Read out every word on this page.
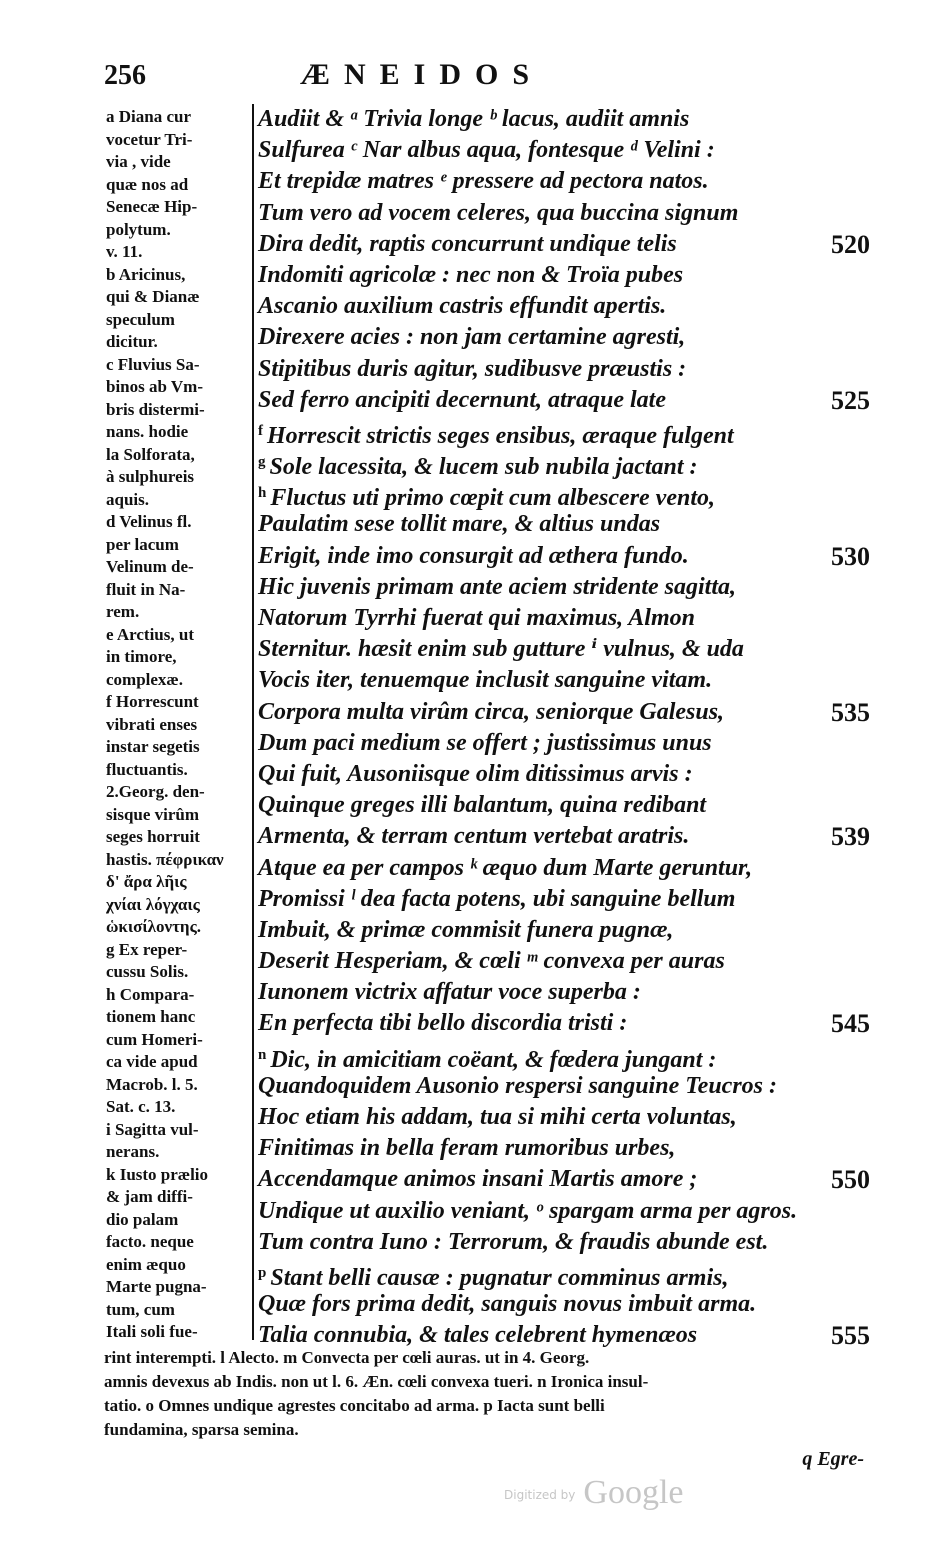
256	ÆNEIDOS
a Diana cur
vocetur Tri-
via , vide
quæ nos ad
Senecæ Hip-
polytum.
v. 11.
b Aricinus,
qui & Dianæ
speculum
dicitur.
c Fluvius Sa-
binos ab Vm-
bris distermi-
nans. hodie
la Solforata,
à sulphureis
aquis.
d Velinus fl.
per lacum
Velinum de-
fluit in Na-
rem.
e Arctius, ut
in timore,
complexæ.
f Horrescunt
vibrati enses
instar segetis
fluctuantis.
2.Georg. den-
sisque virûm
seges horruit
hastis. πέφρικαν
δ' ἄρα λῆις
χνίαι λόγχαις
ὡκισίλοντης.
g Ex reper-
cussu Solis.
h Compara-
tionem hanc
cum Homeri-
ca vide apud
Macrob. l. 5.
Sat. c. 13.
i Sagitta vul-
nerans.
k Iusto prælio
& jam diffi-
dio palam
facto. neque
enim æquo
Marte pugna-
tum, cum
Itali soli fue-
Audiit & ᵃ Trivia longe ᵇ lacus, audiit amnis
Sulfurea ᶜ Nar albus aqua, fontesque ᵈ Velini :
Et trepidæ matres ᵉ pressere ad pectora natos.
Tum vero ad vocem celeres, qua buccina signum
Dira dedit, raptis concurrunt undique telis	520
Indomiti agricolæ : nec non & Troïa pubes
Ascanio auxilium castris effundit apertis.
Direxere acies : non jam certamine agresti,
Stipitibus duris agitur, sudibusve præustis :
Sed ferro ancipiti decernunt, atraque late	525
$^f$ Horrescit strictis seges ensibus, æraque fulgent
$^g$ Sole lacessita, & lucem sub nubila jactant :
$^h$ Fluctus uti primo cœpit cum albescere vento,
Paulatim sese tollit mare, & altius undas
Erigit, inde imo consurgit ad æthera fundo.	530
Hic juvenis primam ante aciem stridente sagitta,
Natorum Tyrrhi fuerat qui maximus, Almon
Sternitur. hæsit enim sub gutture ⁱ vulnus, & uda
Vocis iter, tenuemque inclusit sanguine vitam.
Corpora multa virûm circa, seniorque Galesus,	535
Dum paci medium se offert ; justissimus unus
Qui fuit, Ausoniisque olim ditissimus arvis :
Quinque greges illi balantum, quina redibant
Armenta, & terram centum vertebat aratris.	539
Atque ea per campos ᵏ æquo dum Marte geruntur,
Promissi ˡ dea facta potens, ubi sanguine bellum
Imbuit, & primæ commisit funera pugnæ,
Deserit Hesperiam, & cœli ᵐ convexa per auras
Iunonem victrix affatur voce superba :
En perfecta tibi bello discordia tristi :	545
$^n$ Dic, in amicitiam coëant, & fœdera jungant :
Quandoquidem Ausonio respersi sanguine Teucros :
Hoc etiam his addam, tua si mihi certa voluntas,
Finitimas in bella feram rumoribus urbes,
Accendamque animos insani Martis amore ;	550
Undique ut auxilio veniant, ᵒ spargam arma per agros.
Tum contra Iuno : Terrorum, & fraudis abunde est.
$^p$ Stant belli causæ : pugnatur comminus armis,
Quæ fors prima dedit, sanguis novus imbuit arma.
Talia connubia, & tales celebrent hymenæos	555
rint interempti. l Alecto. m Convecta per cœli auras. ut in 4. Georg.
amnis devexus ab Indis. non ut l. 6. Æn. cœli convexa tueri. n Ironica insul-
tatio. o Omnes undique agrestes concitabo ad arma. p Iacta sunt belli
fundamina, sparsa semina.
q Egre-
$^{Digitized by}$ Google
